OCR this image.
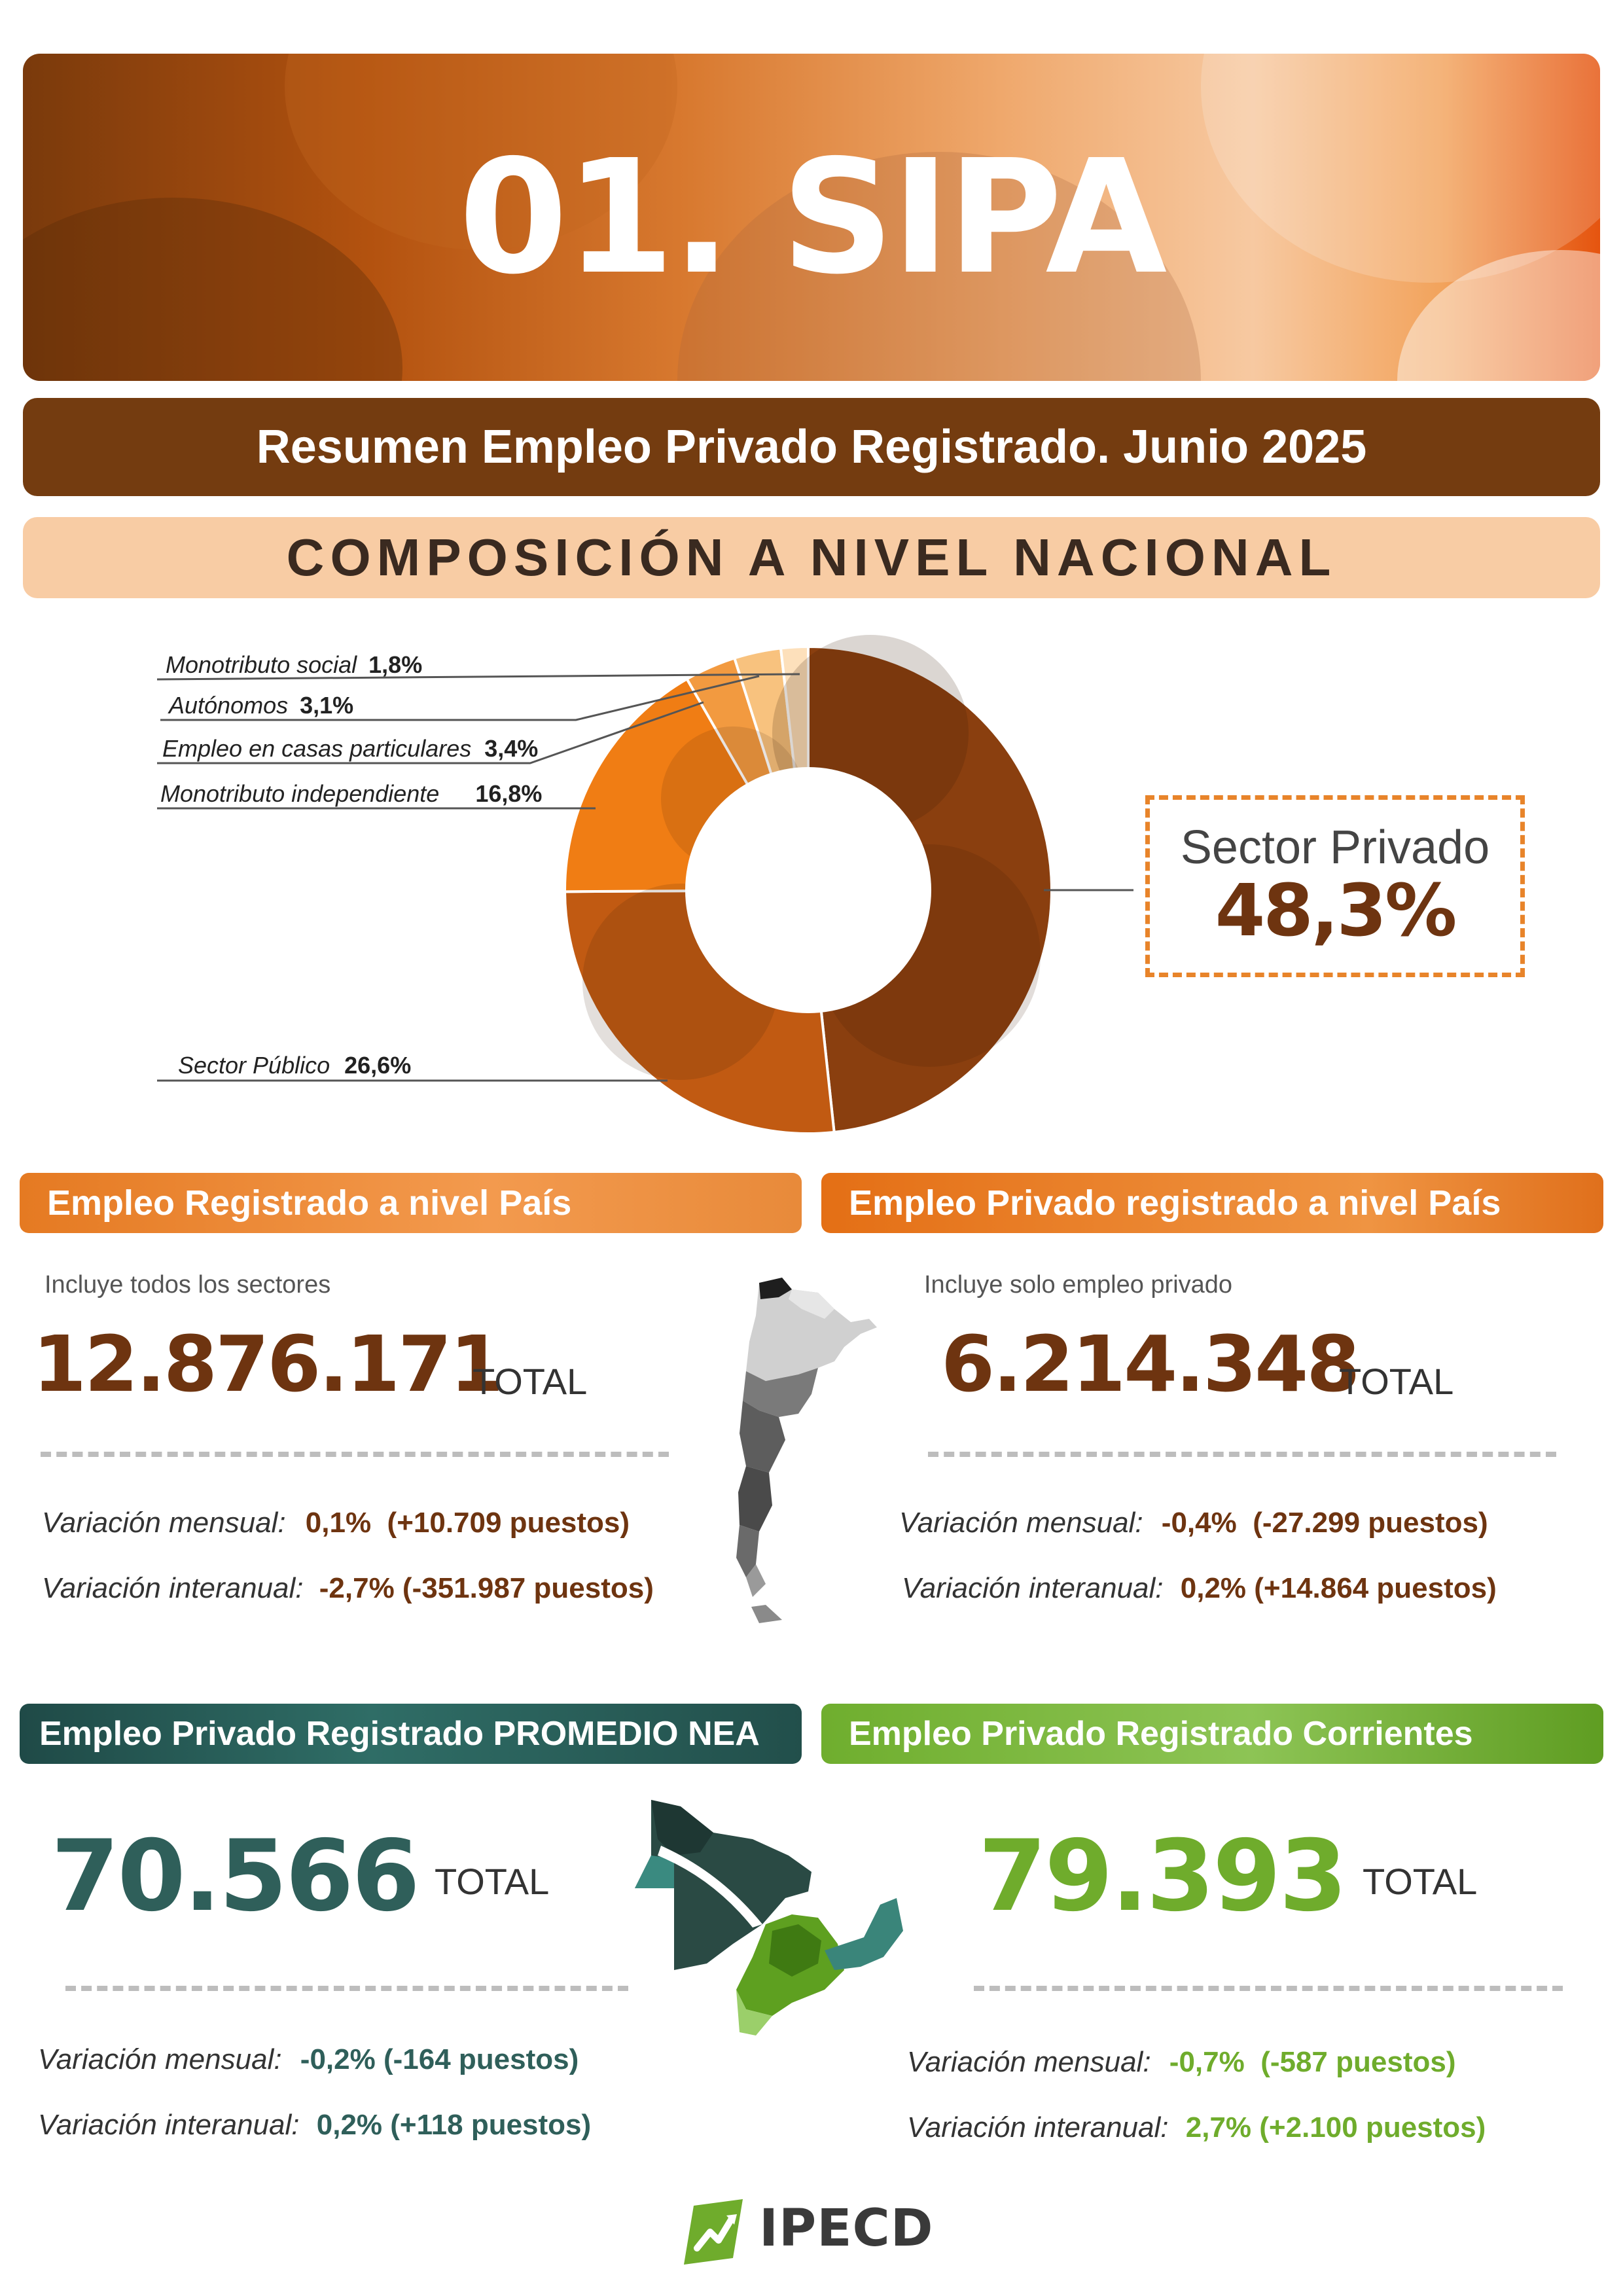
01. SIPA
Resumen Empleo Privado Registrado. Junio 2025
COMPOSICIÓN A NIVEL NACIONAL
Monotributo social 1,8%
Autónomos 3,1%
Empleo en casas particulares 3,4%
Monotributo independiente 16,8%
Sector Público 26,6%
Sector Privado
48,3%
Empleo Registrado a nivel País
Incluye todos los sectores
12.876.171
TOTAL
Variación mensual: 0,1%  (+10.709 puestos)
Variación interanual: -2,7% (-351.987 puestos)
Empleo Privado registrado a nivel País
Incluye solo empleo privado
6.214.348
TOTAL
Variación mensual: -0,4%  (-27.299 puestos)
Variación interanual: 0,2% (+14.864 puestos)
Empleo Privado Registrado PROMEDIO NEA
70.566 TOTAL
Variación mensual: -0,2% (-164 puestos)
Variación interanual: 0,2% (+118 puestos)
Empleo Privado Registrado Corrientes
79.393 TOTAL
Variación mensual: -0,7%  (-587 puestos)
Variación interanual: 2,7% (+2.100 puestos)
IPECD
